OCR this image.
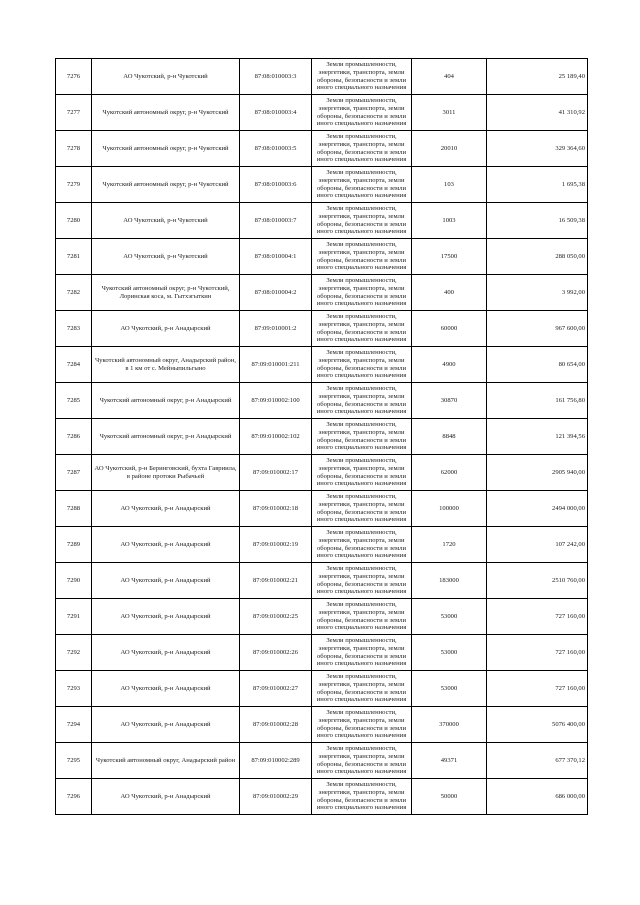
7276	АО Чукотский, р-н Чукотский	87:08:010003:3	Земли промышленности,
энергетики, транспорта, земли
обороны, безопасности и земли
иного специального назначения	404	25 189,40
7277	Чукотский автономный округ, р-н Чукотский	87:08:010003:4	Земли промышленности,
энергетики, транспорта, земли
обороны, безопасности и земли
иного специального назначения	3011	41 310,92
7278	Чукотский автономный округ, р-н Чукотский	87:08:010003:5	Земли промышленности,
энергетики, транспорта, земли
обороны, безопасности и земли
иного специального назначения	20010	329 364,60
7279	Чукотский автономный округ, р-н Чукотский	87:08:010003:6	Земли промышленности,
энергетики, транспорта, земли
обороны, безопасности и земли
иного специального назначения	103	1 695,38
7280	АО Чукотский, р-н Чукотский	87:08:010003:7	Земли промышленности,
энергетики, транспорта, земли
обороны, безопасности и земли
иного специального назначения	1003	16 509,38
7281	АО Чукотский, р-н Чукотский	87:08:010004:1	Земли промышленности,
энергетики, транспорта, земли
обороны, безопасности и земли
иного специального назначения	17500	288 050,00
7282	Чукотский автономный округ, р-н Чукотский, Лоринская коса, м. Гытхэгыткин	87:08:010004:2	Земли промышленности,
энергетики, транспорта, земли
обороны, безопасности и земли
иного специального назначения	400	3 992,00
7283	АО Чукотский, р-н Анадырский	87:09:010001:2	Земли промышленности,
энергетики, транспорта, земли
обороны, безопасности и земли
иного специального назначения	60000	967 600,00
7284	Чукотский автономный округ, Анадырский район, в 1 км от с. Мейныпильгыно	87:09:010001:211	Земли промышленности,
энергетики, транспорта, земли
обороны, безопасности и земли
иного специального назначения	4900	80 654,00
7285	Чукотский автономный округ, р-н Анадырский	87:09:010002:100	Земли промышленности,
энергетики, транспорта, земли
обороны, безопасности и земли
иного специального назначения	30870	161 756,80
7286	Чукотский автономный округ, р-н Анадырский	87:09:010002:102	Земли промышленности,
энергетики, транспорта, земли
обороны, безопасности и земли
иного специального назначения	8848	121 394,56
7287	АО Чукотский, р-н Беринговский, бухта Гавриила, в районе протоки Рыбачьей	87:09:010002:17	Земли промышленности,
энергетики, транспорта, земли
обороны, безопасности и земли
иного специального назначения	62000	2905 940,00
7288	АО Чукотский, р-н Анадырский	87:09:010002:18	Земли промышленности,
энергетики, транспорта, земли
обороны, безопасности и земли
иного специального назначения	100000	2494 000,00
7289	АО Чукотский, р-н Анадырский	87:09:010002:19	Земли промышленности,
энергетики, транспорта, земли
обороны, безопасности и земли
иного специального назначения	1720	107 242,00
7290	АО Чукотский, р-н Анадырский	87:09:010002:21	Земли промышленности,
энергетики, транспорта, земли
обороны, безопасности и земли
иного специального назначения	183000	2510 760,00
7291	АО Чукотский, р-н Анадырский	87:09:010002:25	Земли промышленности,
энергетики, транспорта, земли
обороны, безопасности и земли
иного специального назначения	53000	727 160,00
7292	АО Чукотский, р-н Анадырский	87:09:010002:26	Земли промышленности,
энергетики, транспорта, земли
обороны, безопасности и земли
иного специального назначения	53000	727 160,00
7293	АО Чукотский, р-н Анадырский	87:09:010002:27	Земли промышленности,
энергетики, транспорта, земли
обороны, безопасности и земли
иного специального назначения	53000	727 160,00
7294	АО Чукотский, р-н Анадырский	87:09:010002:28	Земли промышленности,
энергетики, транспорта, земли
обороны, безопасности и земли
иного специального назначения	370000	5076 400,00
7295	Чукотский автономный округ, Анадырский район	87:09:010002:289	Земли промышленности,
энергетики, транспорта, земли
обороны, безопасности и земли
иного специального назначения	49371	677 370,12
7296	АО Чукотский, р-н Анадырский	87:09:010002:29	Земли промышленности,
энергетики, транспорта, земли
обороны, безопасности и земли
иного специального назначения	50000	686 000,00
